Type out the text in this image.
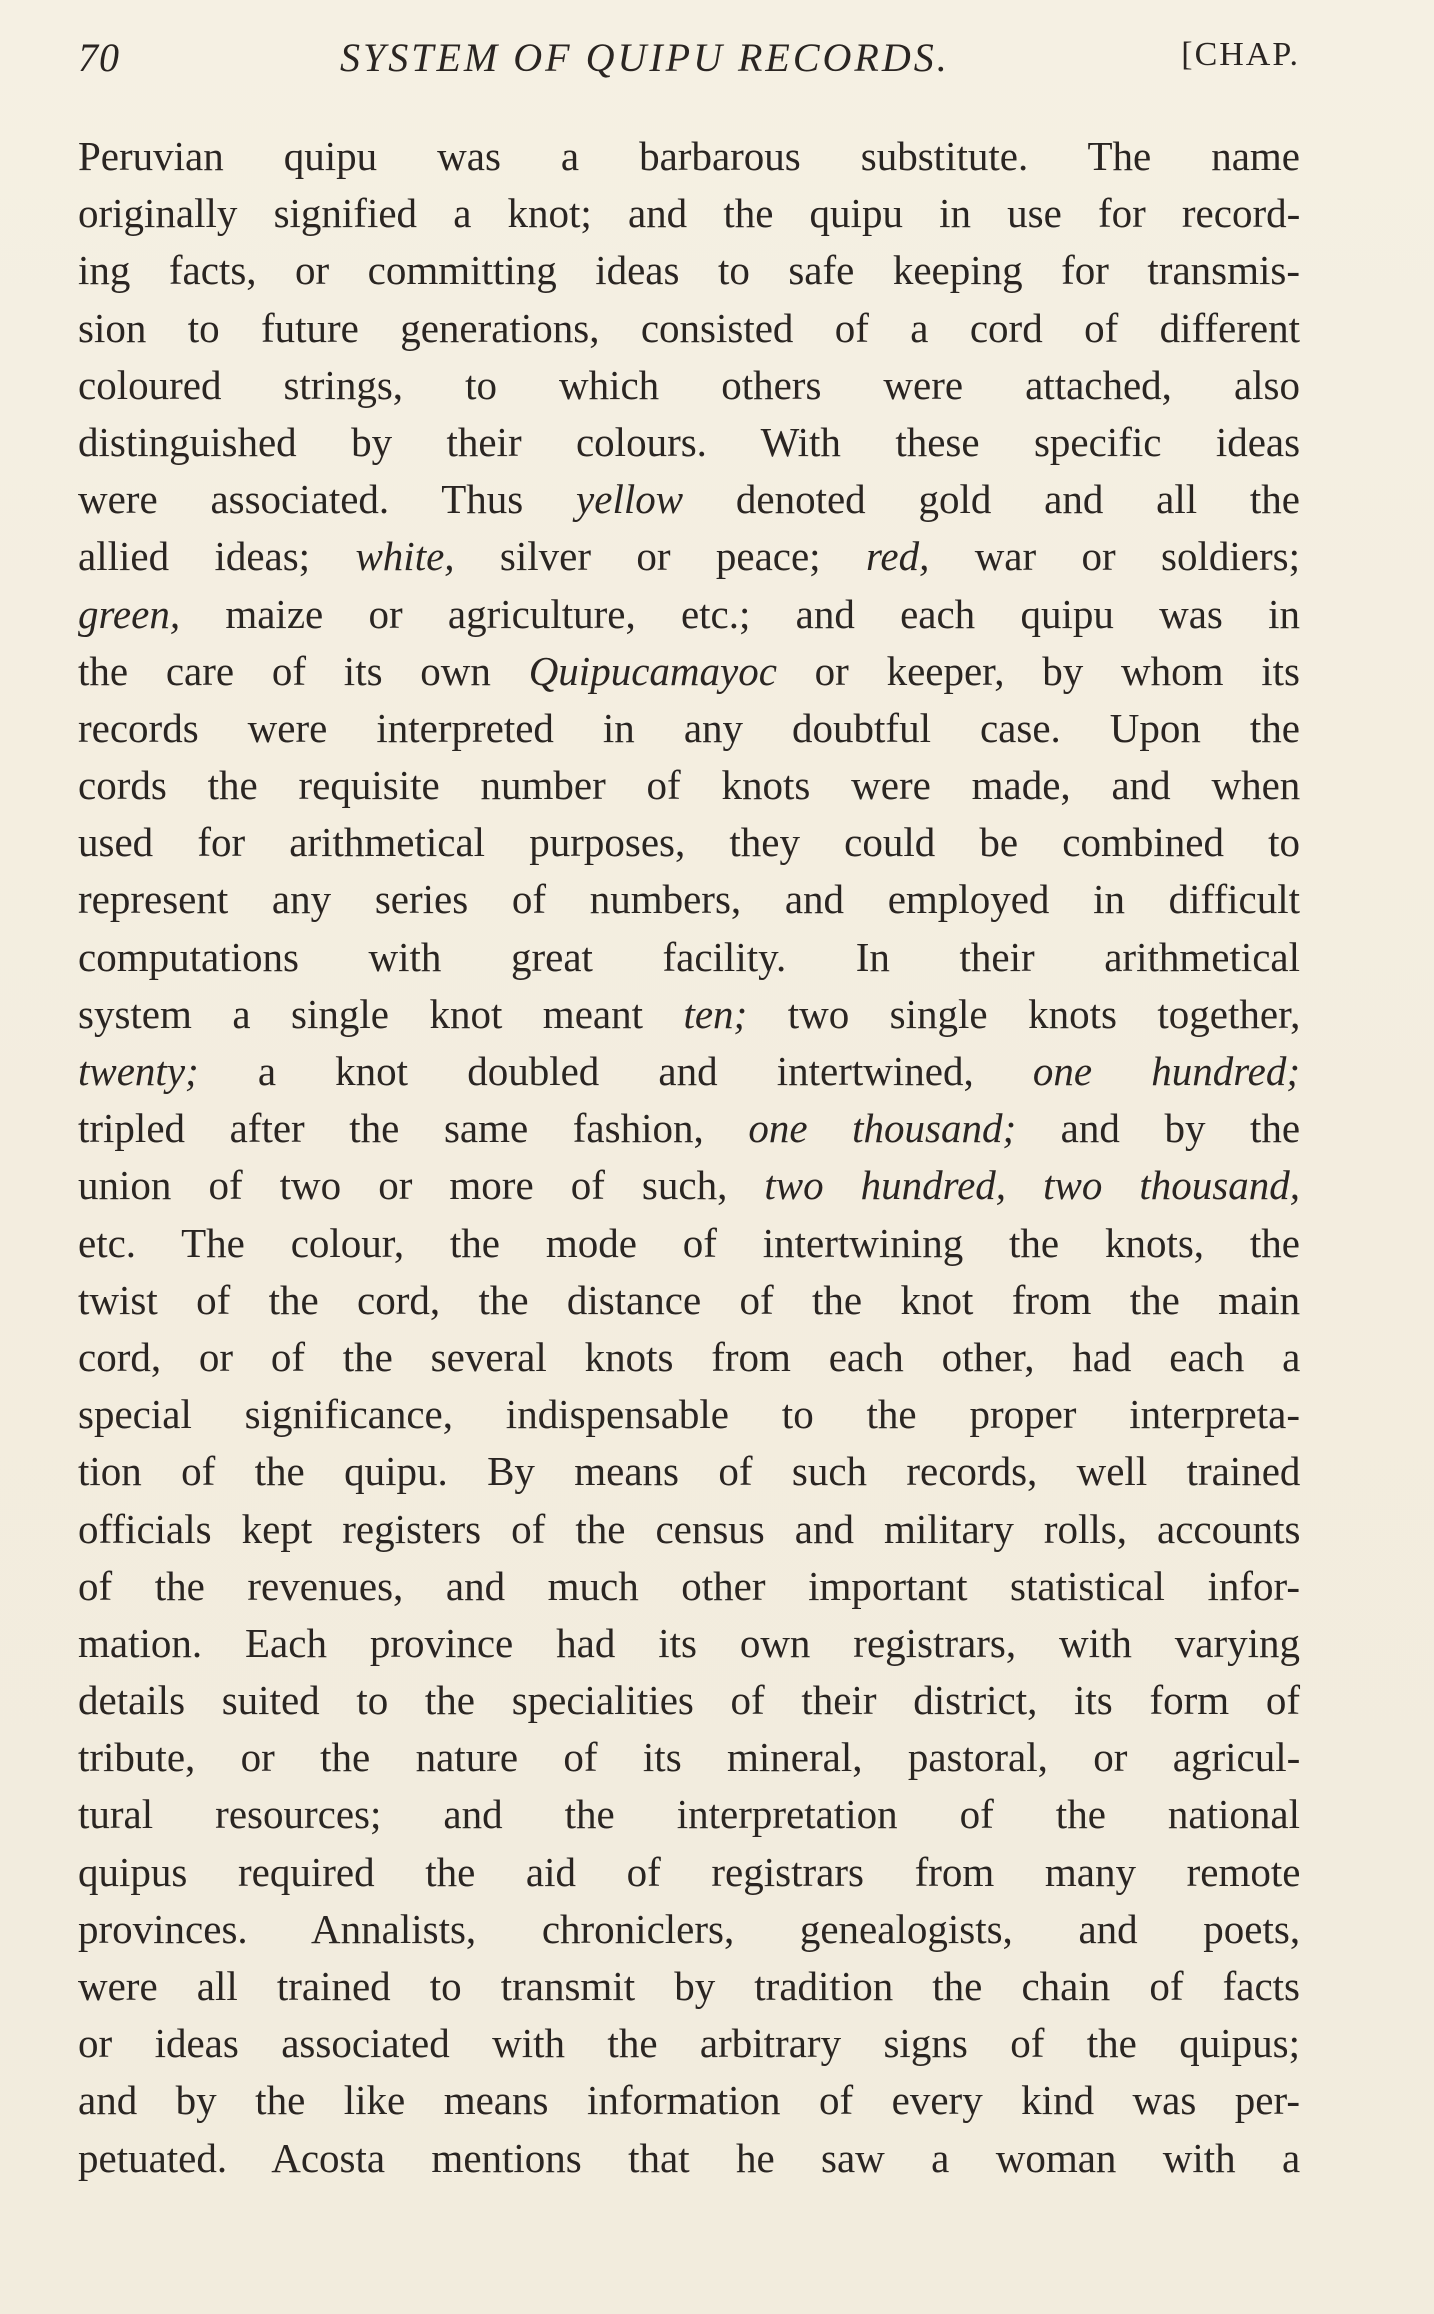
70	SYSTEM OF QUIPU RECORDS.	[CHAP.
Peruvian quipu was a barbarous substitute. The name
originally signified a knot; and the quipu in use for record-
ing facts, or committing ideas to safe keeping for transmis-
sion to future generations, consisted of a cord of different
coloured strings, to which others were attached, also
distinguished by their colours. With these specific ideas
were associated. Thus yellow denoted gold and all the
allied ideas; white, silver or peace; red, war or soldiers;
green, maize or agriculture, etc.; and each quipu was in
the care of its own Quipucamayoc or keeper, by whom its
records were interpreted in any doubtful case. Upon the
cords the requisite number of knots were made, and when
used for arithmetical purposes, they could be combined to
represent any series of numbers, and employed in difficult
computations with great facility. In their arithmetical
system a single knot meant ten; two single knots together,
twenty; a knot doubled and intertwined, one hundred;
tripled after the same fashion, one thousand; and by the
union of two or more of such, two hundred, two thousand,
etc. The colour, the mode of intertwining the knots, the
twist of the cord, the distance of the knot from the main
cord, or of the several knots from each other, had each a
special significance, indispensable to the proper interpreta-
tion of the quipu. By means of such records, well trained
officials kept registers of the census and military rolls, accounts
of the revenues, and much other important statistical infor-
mation. Each province had its own registrars, with varying
details suited to the specialities of their district, its form of
tribute, or the nature of its mineral, pastoral, or agricul-
tural resources; and the interpretation of the national
quipus required the aid of registrars from many remote
provinces. Annalists, chroniclers, genealogists, and poets,
were all trained to transmit by tradition the chain of facts
or ideas associated with the arbitrary signs of the quipus;
and by the like means information of every kind was per-
petuated. Acosta mentions that he saw a woman with a
